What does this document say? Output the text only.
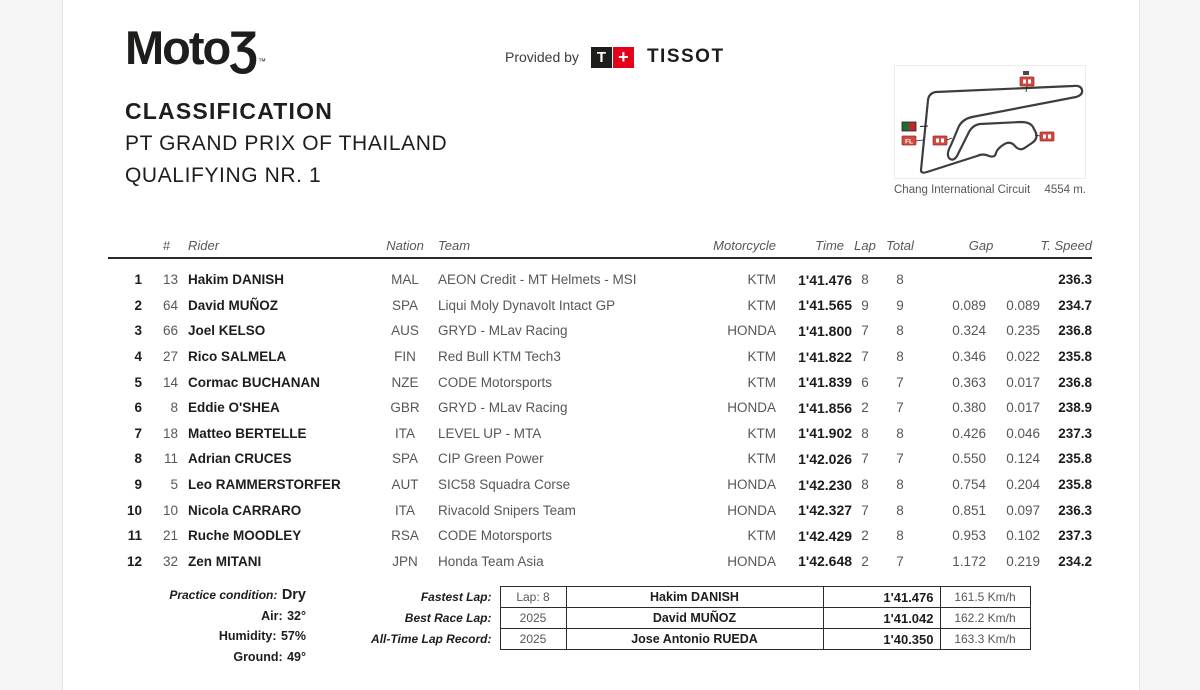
MotoƷ™	Provided by	T + TISSOT
CLASSIFICATION
PT GRAND PRIX OF THAILAND
QUALIFYING NR. 1
FL
Chang International Circuit 4554 m.
#		Rider	Nation	Team	Motorcycle	Time	Lap	Total	Gap		T. Speed

1	13	Hakim DANISH	MAL	AEON Credit - MT Helmets - MSI	KTM	1'41.476	8	8			236.3
2	64	David MUÑOZ	SPA	Liqui Moly Dynavolt Intact GP	KTM	1'41.565	9	9	0.089	0.089	234.7
3	66	Joel KELSO	AUS	GRYD - MLav Racing	HONDA	1'41.800	7	8	0.324	0.235	236.8
4	27	Rico SALMELA	FIN	Red Bull KTM Tech3	KTM	1'41.822	7	8	0.346	0.022	235.8
5	14	Cormac BUCHANAN	NZE	CODE Motorsports	KTM	1'41.839	6	7	0.363	0.017	236.8
6	8	Eddie O'SHEA	GBR	GRYD - MLav Racing	HONDA	1'41.856	2	7	0.380	0.017	238.9
7	18	Matteo BERTELLE	ITA	LEVEL UP - MTA	KTM	1'41.902	8	8	0.426	0.046	237.3
8	11	Adrian CRUCES	SPA	CIP Green Power	KTM	1'42.026	7	7	0.550	0.124	235.8
9	5	Leo RAMMERSTORFER	AUT	SIC58 Squadra Corse	HONDA	1'42.230	8	8	0.754	0.204	235.8
10	10	Nicola CARRARO	ITA	Rivacold Snipers Team	HONDA	1'42.327	7	8	0.851	0.097	236.3
11	21	Ruche MOODLEY	RSA	CODE Motorsports	KTM	1'42.429	2	8	0.953	0.102	237.3
12	32	Zen MITANI	JPN	Honda Team Asia	HONDA	1'42.648	2	7	1.172	0.219	234.2
Practice condition: Dry
Air: 32°
Humidity: 57%
Ground: 49°
Fastest Lap:	Lap: 8	Hakim DANISH	1'41.476	161.5 Km/h
Best Race Lap:	2025	David MUÑOZ	1'41.042	162.2 Km/h
All-Time Lap Record:	2025	Jose Antonio RUEDA	1'40.350	163.3 Km/h
